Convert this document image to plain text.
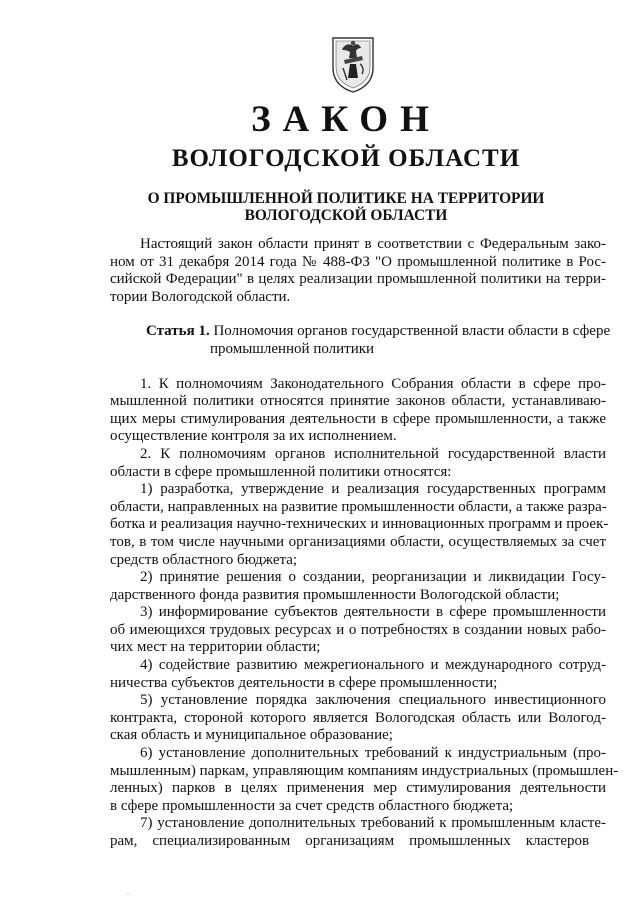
ЗАКОН
ВОЛОГОДСКОЙ ОБЛАСТИ
О ПРОМЫШЛЕННОЙ ПОЛИТИКЕ НА ТЕРРИТОРИИ
ВОЛОГОДСКОЙ ОБЛАСТИ
Настоящий закон области принят в соответствии с Федеральным зако-
ном от 31 декабря 2014 года № 488-ФЗ "О промышленной политике в Рос-
сийской Федерации" в целях реализации промышленной политики на терри-
тории Вологодской области.
Статья 1. Полномочия органов государственной власти области в сфере
промышленной политики
1. К полномочиям Законодательного Собрания области в сфере про-
мышленной политики относятся принятие законов области, устанавливаю-
щих меры стимулирования деятельности в сфере промышленности, а также
осуществление контроля за их исполнением.
2. К полномочиям органов исполнительной государственной власти
области в сфере промышленной политики относятся:
1) разработка, утверждение и реализация государственных программ
области, направленных на развитие промышленности области, а также разра-
ботка и реализация научно-технических и инновационных программ и проек-
тов, в том числе научными организациями области, осуществляемых за счет
средств областного бюджета;
2) принятие решения о создании, реорганизации и ликвидации Госу-
дарственного фонда развития промышленности Вологодской области;
3) информирование субъектов деятельности в сфере промышленности
об имеющихся трудовых ресурсах и о потребностях в создании новых рабо-
чих мест на территории области;
4) содействие развитию межрегионального и международного сотруд-
ничества субъектов деятельности в сфере промышленности;
5) установление порядка заключения специального инвестиционного
контракта, стороной которого является Вологодская область или Вологод-
ская область и муниципальное образование;
6) установление дополнительных требований к индустриальным (про-
мышленным) паркам, управляющим компаниям индустриальных (промышлен-
ленных) парков в целях применения мер стимулирования деятельности
в сфере промышленности за счет средств областного бюджета;
7) установление дополнительных требований к промышленным класте-
рам,    специализированным    организациям    промышленных    кластеров
' '
